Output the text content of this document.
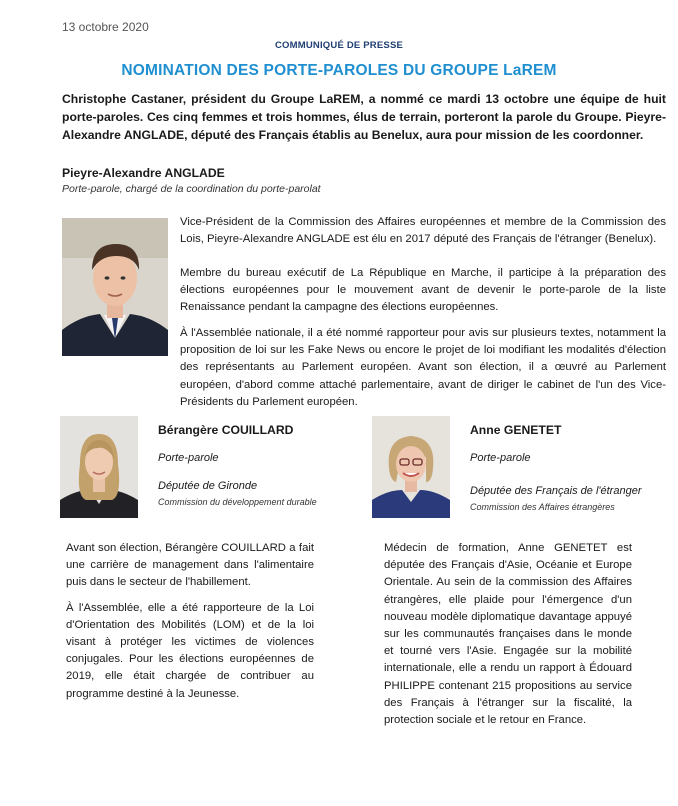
13 octobre 2020
COMMUNIQUÉ DE PRESSE
NOMINATION DES PORTE-PAROLES DU GROUPE LaREM

Christophe Castaner, président du Groupe LaREM, a nommé ce mardi 13 octobre une équipe de huit porte-paroles. Ces cinq femmes et trois hommes, élus de terrain, porteront la parole du Groupe. Pieyre-Alexandre ANGLADE, député des Français établis au Benelux, aura pour mission de les coordonner.

Pieyre-Alexandre ANGLADE
Porte-parole, chargé de la coordination du porte-parolat

Vice-Président de la Commission des Affaires européennes et membre de la Commission des Lois, Pieyre-Alexandre ANGLADE est élu en 2017 député des Français de l'étranger (Benelux).

Membre du bureau exécutif de La République en Marche, il participe à la préparation des élections européennes pour le mouvement avant de devenir le porte-parole de la liste Renaissance pendant la campagne des élections européennes.

À l'Assemblée nationale, il a été nommé rapporteur pour avis sur plusieurs textes, notamment la proposition de loi sur les Fake News ou encore le projet de loi modifiant les modalités d'élection des représentants au Parlement européen. Avant son élection, il a œuvré au Parlement européen, d'abord comme attaché parlementaire, avant de diriger le cabinet de l'un des Vice-Présidents du Parlement européen.

Bérangère COUILLARD
Porte-parole
Députée de Gironde
Commission du développement durable
Anne GENETET
Porte-parole
Députée des Français de l'étranger
Commission des Affaires étrangères

Avant son élection, Bérangère COUILLARD a fait une carrière de management dans l'alimentaire puis dans le secteur de l'habillement.

À l'Assemblée, elle a été rapporteure de la Loi d'Orientation des Mobilités (LOM) et de la loi visant à protéger les victimes de violences conjugales. Pour les élections européennes de 2019, elle était chargée de contribuer au programme destiné à la Jeunesse.

Médecin de formation, Anne GENETET est députée des Français d'Asie, Océanie et Europe Orientale. Au sein de la commission des Affaires étrangères, elle plaide pour l'émergence d'un nouveau modèle diplomatique davantage appuyé sur les communautés françaises dans le monde et tourné vers l'Asie. Engagée sur la mobilité internationale, elle a rendu un rapport à Édouard PHILIPPE contenant 215 propositions au service des Français à l'étranger sur la fiscalité, la protection sociale et le retour en France.
